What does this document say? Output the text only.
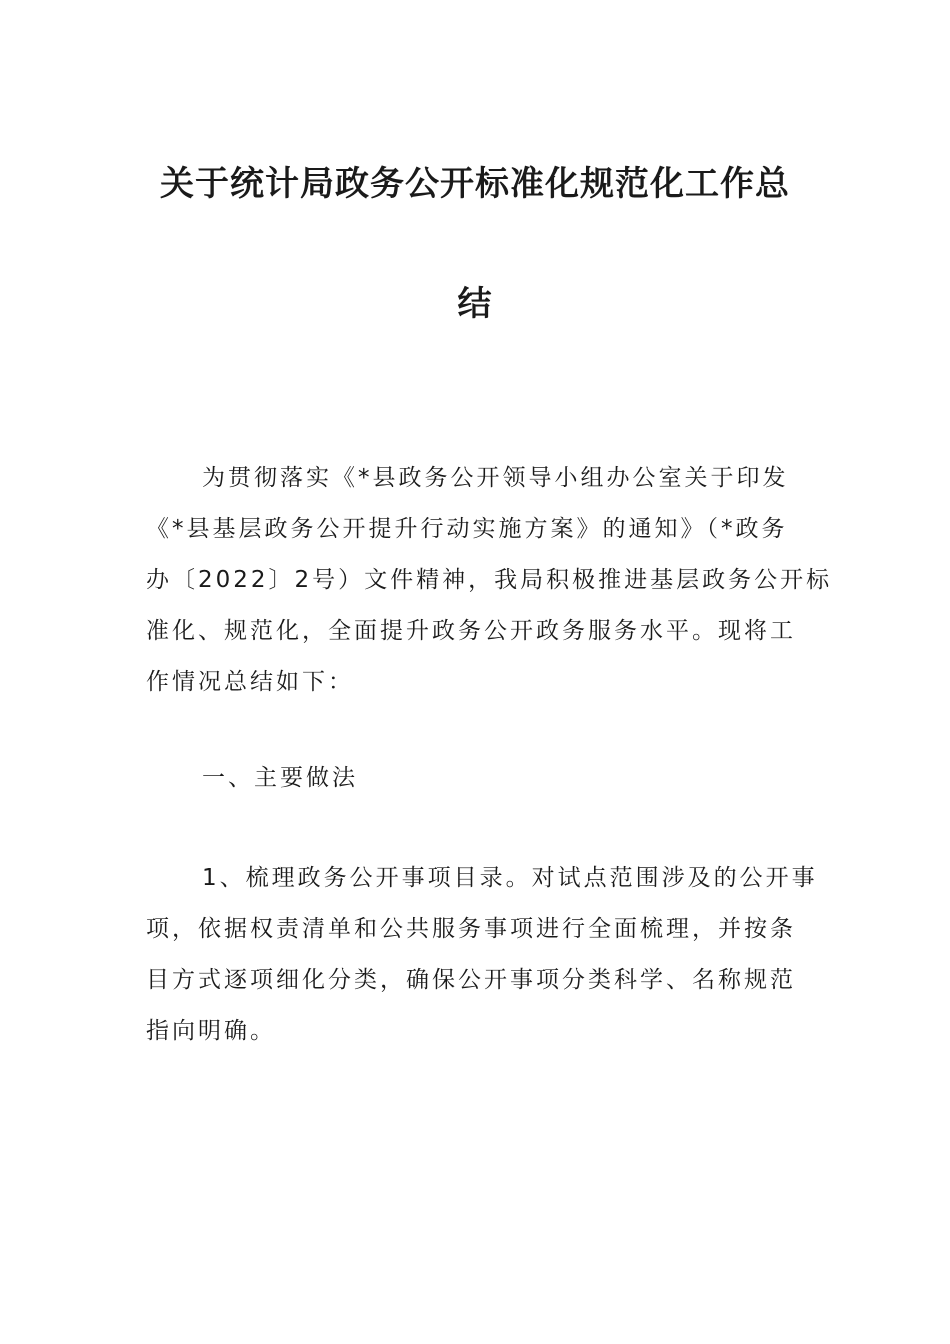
关于统计局政务公开标准化规范化工作总
结
为贯彻落实《*县政务公开领导小组办公室关于印发
《*县基层政务公开提升行动实施方案》的通知》（*政务
办〔2022〕2号）文件精神，我局积极推进基层政务公开标
准化、规范化，全面提升政务公开政务服务水平。现将工
作情况总结如下：
一、主要做法
1、梳理政务公开事项目录。对试点范围涉及的公开事
项，依据权责清单和公共服务事项进行全面梳理，并按条
目方式逐项细化分类，确保公开事项分类科学、名称规范
指向明确。
